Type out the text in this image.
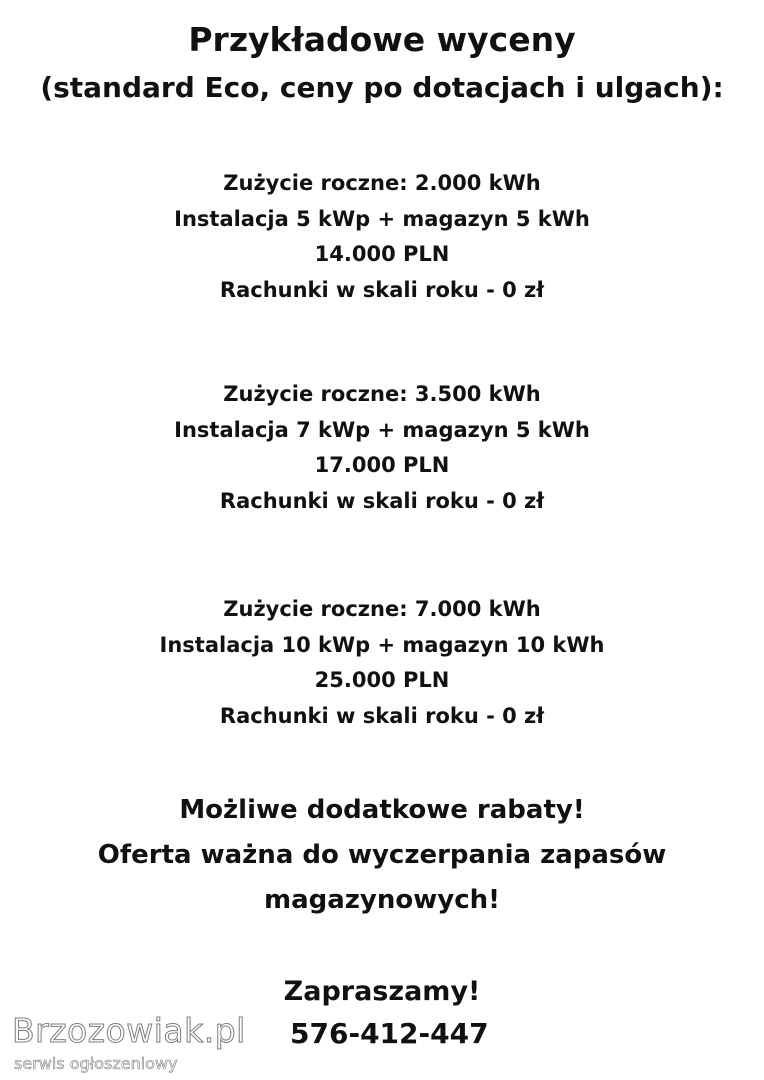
Przykładowe wyceny
(standard Eco, ceny po dotacjach i ulgach):
Zużycie roczne: 2.000 kWh
Instalacja 5 kWp + magazyn 5 kWh
14.000 PLN
Rachunki w skali roku - 0 zł
Zużycie roczne: 3.500 kWh
Instalacja 7 kWp + magazyn 5 kWh
17.000 PLN
Rachunki w skali roku - 0 zł
Zużycie roczne: 7.000 kWh
Instalacja 10 kWp + magazyn 10 kWh
25.000 PLN
Rachunki w skali roku - 0 zł
Możliwe dodatkowe rabaty!
Oferta ważna do wyczerpania zapasów
magazynowych!
Zapraszamy!
576-412-447
Brzozowiak.pl
serwis ogłoszeniowy
